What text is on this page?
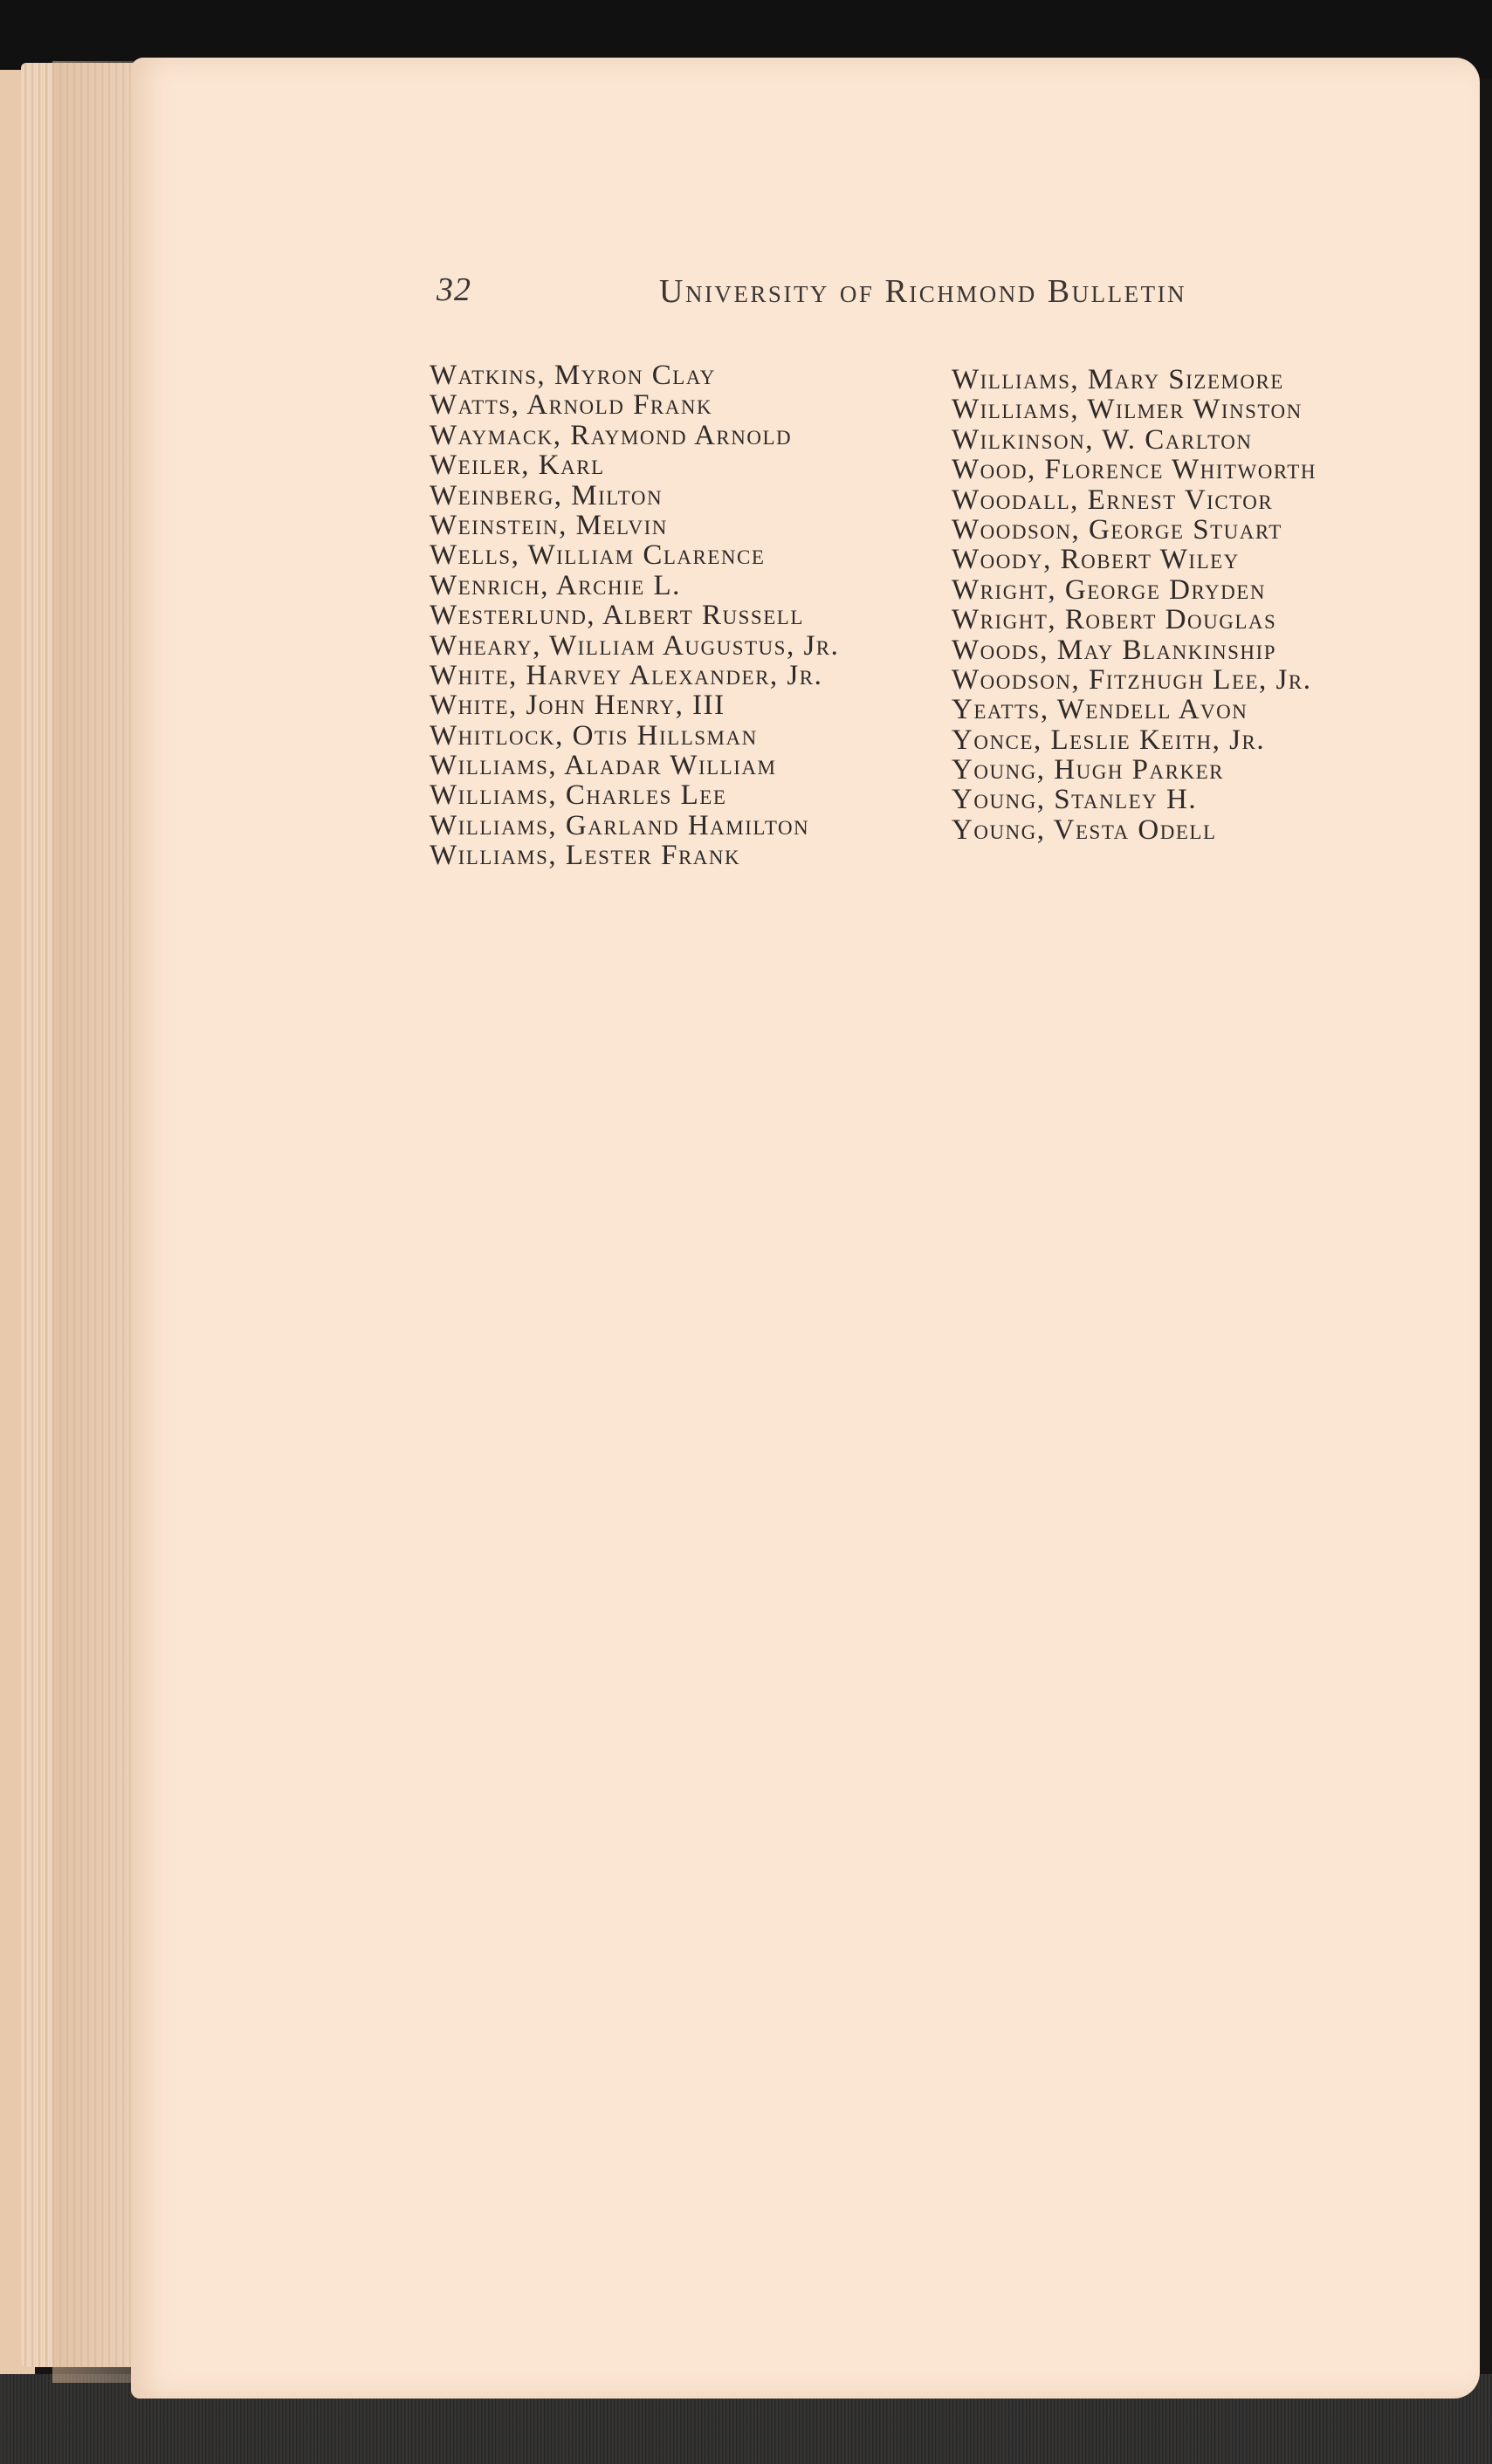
32	University of Richmond Bulletin
Watkins, Myron Clay
Watts, Arnold Frank
Waymack, Raymond Arnold
Weiler, Karl
Weinberg, Milton
Weinstein, Melvin
Wells, William Clarence
Wenrich, Archie L.
Westerlund, Albert Russell
Wheary, William Augustus, Jr.
White, Harvey Alexander, Jr.
White, John Henry, III
Whitlock, Otis Hillsman
Williams, Aladar William
Williams, Charles Lee
Williams, Garland Hamilton
Williams, Lester Frank
Williams, Mary Sizemore
Williams, Wilmer Winston
Wilkinson, W. Carlton
Wood, Florence Whitworth
Woodall, Ernest Victor
Woodson, George Stuart
Woody, Robert Wiley
Wright, George Dryden
Wright, Robert Douglas
Woods, May Blankinship
Woodson, Fitzhugh Lee, Jr.
Yeatts, Wendell Avon
Yonce, Leslie Keith, Jr.
Young, Hugh Parker
Young, Stanley H.
Young, Vesta Odell
